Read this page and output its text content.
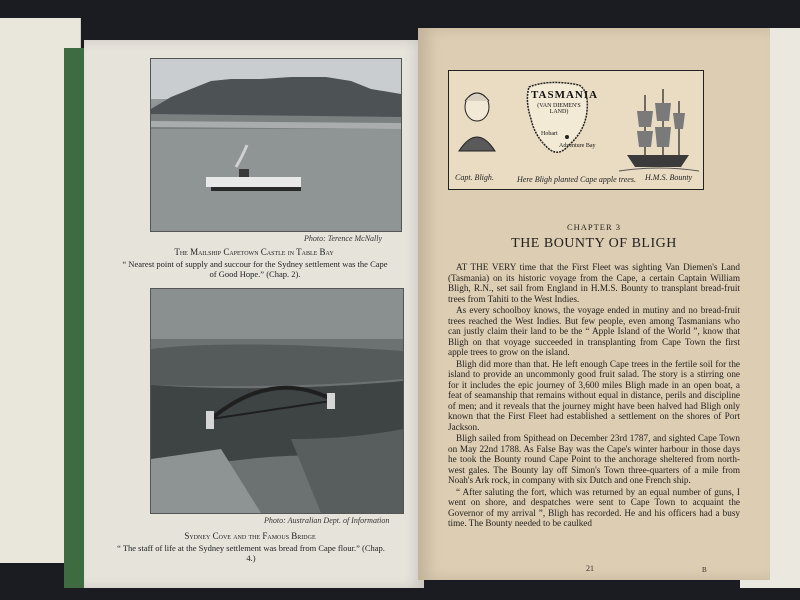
Photo: Terence McNally
The Mailship Capetown Castle in Table Bay
“ Nearest point of supply and succour for the Sydney settlement was the Cape of Good Hope.” (Chap. 2).
Photo: Australian Dept. of Information
Sydney Cove and the Famous Bridge
“ The staff of life at the Sydney settlement was bread from Cape flour.” (Chap. 4.)
TASMANIA
(VAN DIEMEN'S LAND)
Hobart
Adventure Bay
Capt. Bligh.	Here Bligh planted Cape apple trees. H.M.S. Bounty
CHAPTER 3
THE BOUNTY OF BLIGH

AT THE VERY time that the First Fleet was sighting Van Diemen's Land (Tasmania) on its historic voyage from the Cape, a certain Captain William Bligh, R.N., set sail from England in H.M.S. Bounty to transplant bread-fruit trees from Tahiti to the West Indies.

As every schoolboy knows, the voyage ended in mutiny and no bread-fruit trees reached the West Indies. But few people, even among Tasmanians who can justly claim their land to be the “ Apple Island of the World ”, know that Bligh on that voyage succeeded in transplanting from Cape Town the first apple trees to grow on the island.

Bligh did more than that. He left enough Cape trees in the fertile soil for the island to provide an uncommonly good fruit salad. The story is a stirring one for it includes the epic journey of 3,600 miles Bligh made in an open boat, a feat of seamanship that remains without equal in distance, perils and discipline of men; and it reveals that the journey might have been halved had Bligh only known that the First Fleet had established a settlement on the shores of Port Jackson.

Bligh sailed from Spithead on December 23rd 1787, and sighted Cape Town on May 22nd 1788. As False Bay was the Cape's winter harbour in those days he took the Bounty round Cape Point to the anchorage sheltered from north-west gales. The Bounty lay off Simon's Town three-quarters of a mile from Noah's Ark rock, in company with six Dutch and one French ship.

“ After saluting the fort, which was returned by an equal number of guns, I went on shore, and despatches were sent to Cape Town to acquaint the Governor of my arrival ”, Bligh has recorded. He and his officers had a busy time. The Bounty needed to be caulked

21	B
